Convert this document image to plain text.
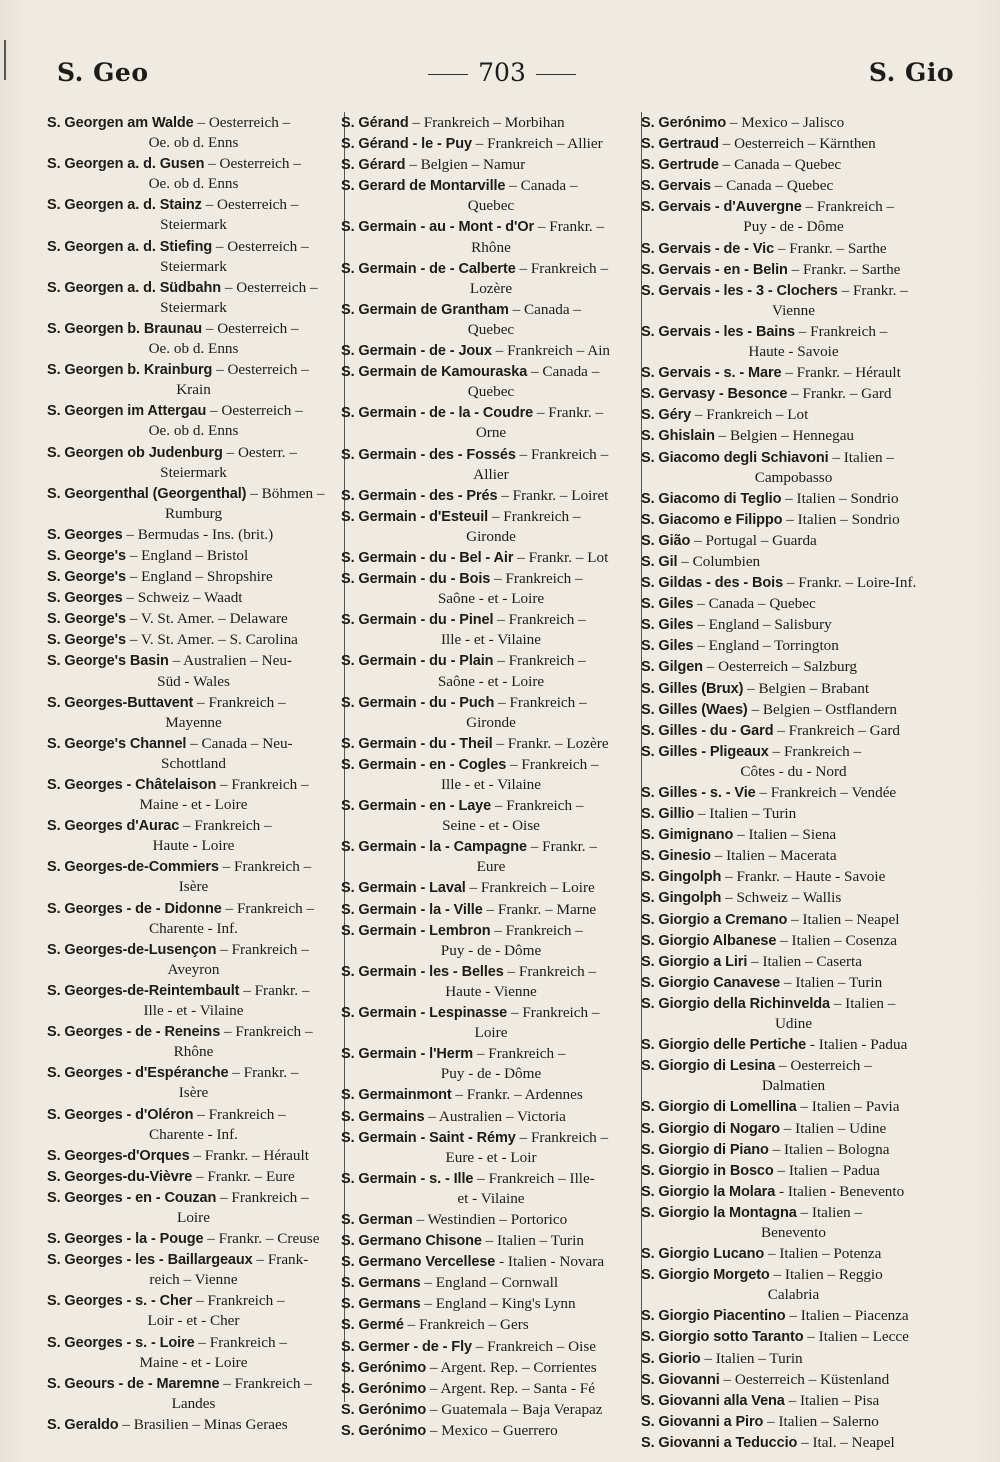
S. Geo	703	S. Gio
S. Georgen am Walde – Oesterreich –
Oe. ob d. Enns
S. Georgen a. d. Gusen – Oesterreich –
Oe. ob d. Enns
S. Georgen a. d. Stainz – Oesterreich –
Steiermark
S. Georgen a. d. Stiefing – Oesterreich –
Steiermark
S. Georgen a. d. Südbahn – Oesterreich –
Steiermark
S. Georgen b. Braunau – Oesterreich –
Oe. ob d. Enns
S. Georgen b. Krainburg – Oesterreich –
Krain
S. Georgen im Attergau – Oesterreich –
Oe. ob d. Enns
S. Georgen ob Judenburg – Oesterr. –
Steiermark
S. Georgenthal (Georgenthal) – Böhmen –
Rumburg
S. Georges – Bermudas - Ins. (brit.)
S. George's – England – Bristol
S. George's – England – Shropshire
S. Georges – Schweiz – Waadt
S. George's – V. St. Amer. – Delaware
S. George's – V. St. Amer. – S. Carolina
S. George's Basin – Australien – Neu-
Süd - Wales
S. Georges-Buttavent – Frankreich –
Mayenne
S. George's Channel – Canada – Neu-
Schottland
S. Georges - Châtelaison – Frankreich –
Maine - et - Loire
S. Georges d'Aurac – Frankreich –
Haute - Loire
S. Georges-de-Commiers – Frankreich –
Isère
S. Georges - de - Didonne – Frankreich –
Charente - Inf.
S. Georges-de-Lusençon – Frankreich –
Aveyron
S. Georges-de-Reintembault – Frankr. –
Ille - et - Vilaine
S. Georges - de - Reneins – Frankreich –
Rhône
S. Georges - d'Espéranche – Frankr. –
Isère
S. Georges - d'Oléron – Frankreich –
Charente - Inf.
S. Georges-d'Orques – Frankr. – Hérault
S. Georges-du-Vièvre – Frankr. – Eure
S. Georges - en - Couzan – Frankreich –
Loire
S. Georges - la - Pouge – Frankr. – Creuse
S. Georges - les - Baillargeaux – Frank-
reich – Vienne
S. Georges - s. - Cher – Frankreich –
Loir - et - Cher
S. Georges - s. - Loire – Frankreich –
Maine - et - Loire
S. Geours - de - Maremne – Frankreich –
Landes
S. Geraldo – Brasilien – Minas Geraes
S. Gérand – Frankreich – Morbihan
S. Gérand - le - Puy – Frankreich – Allier
S. Gérard – Belgien – Namur
S. Gerard de Montarville – Canada –
Quebec
S. Germain - au - Mont - d'Or – Frankr. –
Rhône
S. Germain - de - Calberte – Frankreich –
Lozère
S. Germain de Grantham – Canada –
Quebec
S. Germain - de - Joux – Frankreich – Ain
S. Germain de Kamouraska – Canada –
Quebec
S. Germain - de - la - Coudre – Frankr. –
Orne
S. Germain - des - Fossés – Frankreich –
Allier
S. Germain - des - Prés – Frankr. – Loiret
S. Germain - d'Esteuil – Frankreich –
Gironde
S. Germain - du - Bel - Air – Frankr. – Lot
S. Germain - du - Bois – Frankreich –
Saône - et - Loire
S. Germain - du - Pinel – Frankreich –
Ille - et - Vilaine
S. Germain - du - Plain – Frankreich –
Saône - et - Loire
S. Germain - du - Puch – Frankreich –
Gironde
S. Germain - du - Theil – Frankr. – Lozère
S. Germain - en - Cogles – Frankreich –
Ille - et - Vilaine
S. Germain - en - Laye – Frankreich –
Seine - et - Oise
S. Germain - la - Campagne – Frankr. –
Eure
S. Germain - Laval – Frankreich – Loire
S. Germain - la - Ville – Frankr. – Marne
S. Germain - Lembron – Frankreich –
Puy - de - Dôme
S. Germain - les - Belles – Frankreich –
Haute - Vienne
S. Germain - Lespinasse – Frankreich –
Loire
S. Germain - l'Herm – Frankreich –
Puy - de - Dôme
S. Germainmont – Frankr. – Ardennes
S. Germains – Australien – Victoria
S. Germain - Saint - Rémy – Frankreich –
Eure - et - Loir
S. Germain - s. - Ille – Frankreich – Ille-
et - Vilaine
S. German – Westindien – Portorico
S. Germano Chisone – Italien – Turin
S. Germano Vercellese - Italien - Novara
S. Germans – England – Cornwall
S. Germans – England – King's Lynn
S. Germé – Frankreich – Gers
S. Germer - de - Fly – Frankreich – Oise
S. Gerónimo – Argent. Rep. – Corrientes
S. Gerónimo – Argent. Rep. – Santa - Fé
S. Gerónimo – Guatemala – Baja Verapaz
S. Gerónimo – Mexico – Guerrero
S. Gerónimo – Mexico – Jalisco
S. Gertraud – Oesterreich – Kärnthen
S. Gertrude – Canada – Quebec
S. Gervais – Canada – Quebec
S. Gervais - d'Auvergne – Frankreich –
Puy - de - Dôme
S. Gervais - de - Vic – Frankr. – Sarthe
S. Gervais - en - Belin – Frankr. – Sarthe
S. Gervais - les - 3 - Clochers – Frankr. –
Vienne
S. Gervais - les - Bains – Frankreich –
Haute - Savoie
S. Gervais - s. - Mare – Frankr. – Hérault
S. Gervasy - Besonce – Frankr. – Gard
S. Géry – Frankreich – Lot
S. Ghislain – Belgien – Hennegau
S. Giacomo degli Schiavoni – Italien –
Campobasso
S. Giacomo di Teglio – Italien – Sondrio
S. Giacomo e Filippo – Italien – Sondrio
S. Gião – Portugal – Guarda
S. Gil – Columbien
S. Gildas - des - Bois – Frankr. – Loire-Inf.
S. Giles – Canada – Quebec
S. Giles – England – Salisbury
S. Giles – England – Torrington
S. Gilgen – Oesterreich – Salzburg
S. Gilles (Brux) – Belgien – Brabant
S. Gilles (Waes) – Belgien – Ostflandern
S. Gilles - du - Gard – Frankreich – Gard
S. Gilles - Pligeaux – Frankreich –
Côtes - du - Nord
S. Gilles - s. - Vie – Frankreich – Vendée
S. Gillio – Italien – Turin
S. Gimignano – Italien – Siena
S. Ginesio – Italien – Macerata
S. Gingolph – Frankr. – Haute - Savoie
S. Gingolph – Schweiz – Wallis
S. Giorgio a Cremano – Italien – Neapel
S. Giorgio Albanese – Italien – Cosenza
S. Giorgio a Liri – Italien – Caserta
S. Giorgio Canavese – Italien – Turin
S. Giorgio della Richinvelda – Italien –
Udine
S. Giorgio delle Pertiche - Italien - Padua
S. Giorgio di Lesina – Oesterreich –
Dalmatien
S. Giorgio di Lomellina – Italien – Pavia
S. Giorgio di Nogaro – Italien – Udine
S. Giorgio di Piano – Italien – Bologna
S. Giorgio in Bosco – Italien – Padua
S. Giorgio la Molara - Italien - Benevento
S. Giorgio la Montagna – Italien –
Benevento
S. Giorgio Lucano – Italien – Potenza
S. Giorgio Morgeto – Italien – Reggio
Calabria
S. Giorgio Piacentino – Italien – Piacenza
S. Giorgio sotto Taranto – Italien – Lecce
S. Giorio – Italien – Turin
S. Giovanni – Oesterreich – Küstenland
S. Giovanni alla Vena – Italien – Pisa
S. Giovanni a Piro – Italien – Salerno
S. Giovanni a Teduccio – Ital. – Neapel
